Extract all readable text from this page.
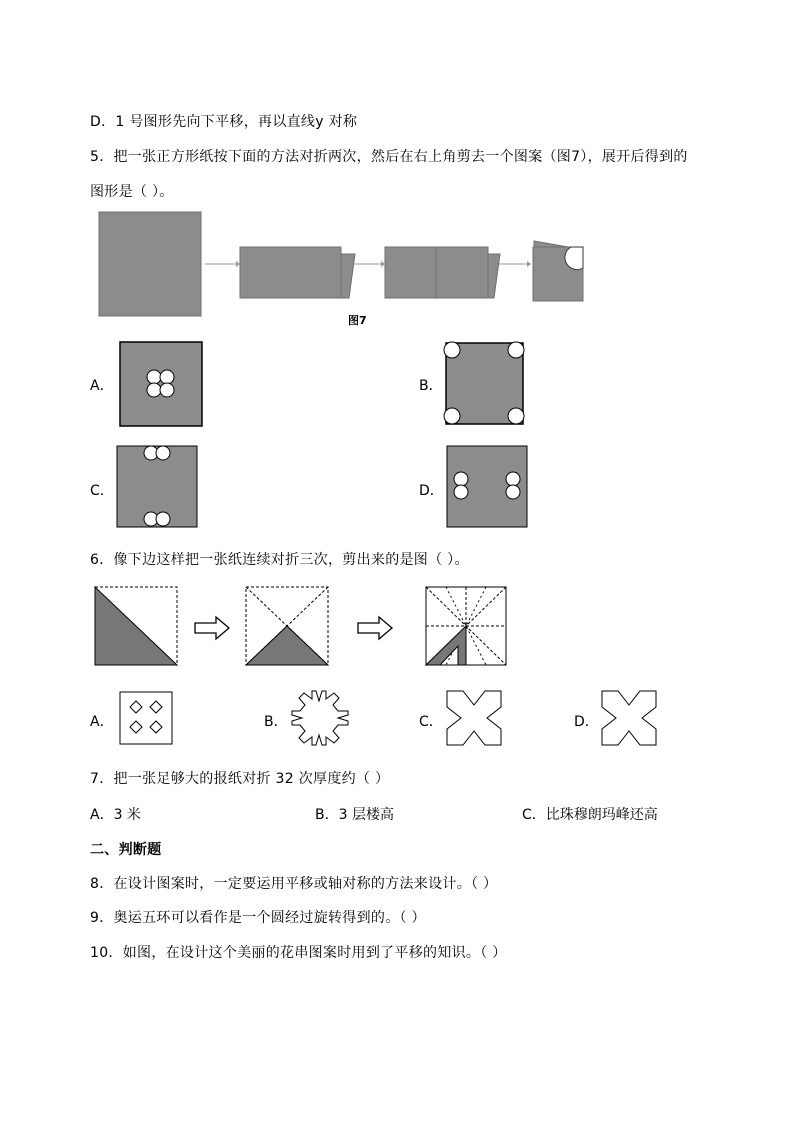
D．1 号图形先向下平移，再以直线y 对称
5．把一张正方形纸按下面的方法对折两次，然后在右上角剪去一个图案（图7），展开后得到的
图形是（ ）。
图7
A．	B．
C．	D．
6．像下边这样把一张纸连续对折三次，剪出来的是图（ ）。
A．	B．	C．	D．
7．把一张足够大的报纸对折 32 次厚度约（ ）
A．3 米	B．3 层楼高	C．比珠穆朗玛峰还高
二、判断题
8．在设计图案时，一定要运用平移或轴对称的方法来设计。（ ）
9．奥运五环可以看作是一个圆经过旋转得到的。（ ）
10．如图，在设计这个美丽的花串图案时用到了平移的知识。（ ）
